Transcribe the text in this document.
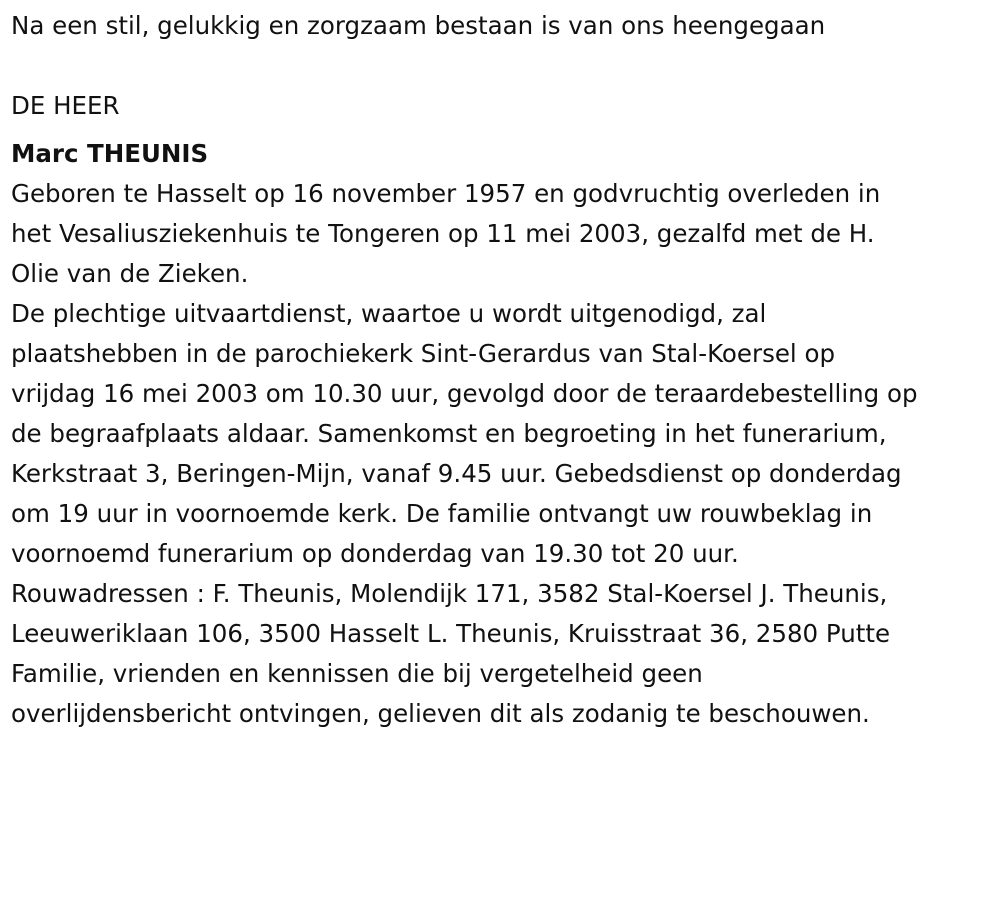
Na een stil, gelukkig en zorgzaam bestaan is van ons heengegaan

DE HEER

Marc THEUNIS

Geboren te Hasselt op 16 november 1957 en godvruchtig overleden in
het Vesaliusziekenhuis te Tongeren op 11 mei 2003, gezalfd met de H.
Olie van de Zieken.
De plechtige uitvaartdienst, waartoe u wordt uitgenodigd, zal
plaatshebben in de parochiekerk Sint-Gerardus van Stal-Koersel op
vrijdag 16 mei 2003 om 10.30 uur, gevolgd door de teraardebestelling op
de begraafplaats aldaar. Samenkomst en begroeting in het funerarium,
Kerkstraat 3, Beringen-Mijn, vanaf 9.45 uur. Gebedsdienst op donderdag
om 19 uur in voornoemde kerk. De familie ontvangt uw rouwbeklag in
voornoemd funerarium op donderdag van 19.30 tot 20 uur.
Rouwadressen : F. Theunis, Molendijk 171, 3582 Stal-Koersel J. Theunis,
Leeuweriklaan 106, 3500 Hasselt L. Theunis, Kruisstraat 36, 2580 Putte
Familie, vrienden en kennissen die bij vergetelheid geen
overlijdensbericht ontvingen, gelieven dit als zodanig te beschouwen.
